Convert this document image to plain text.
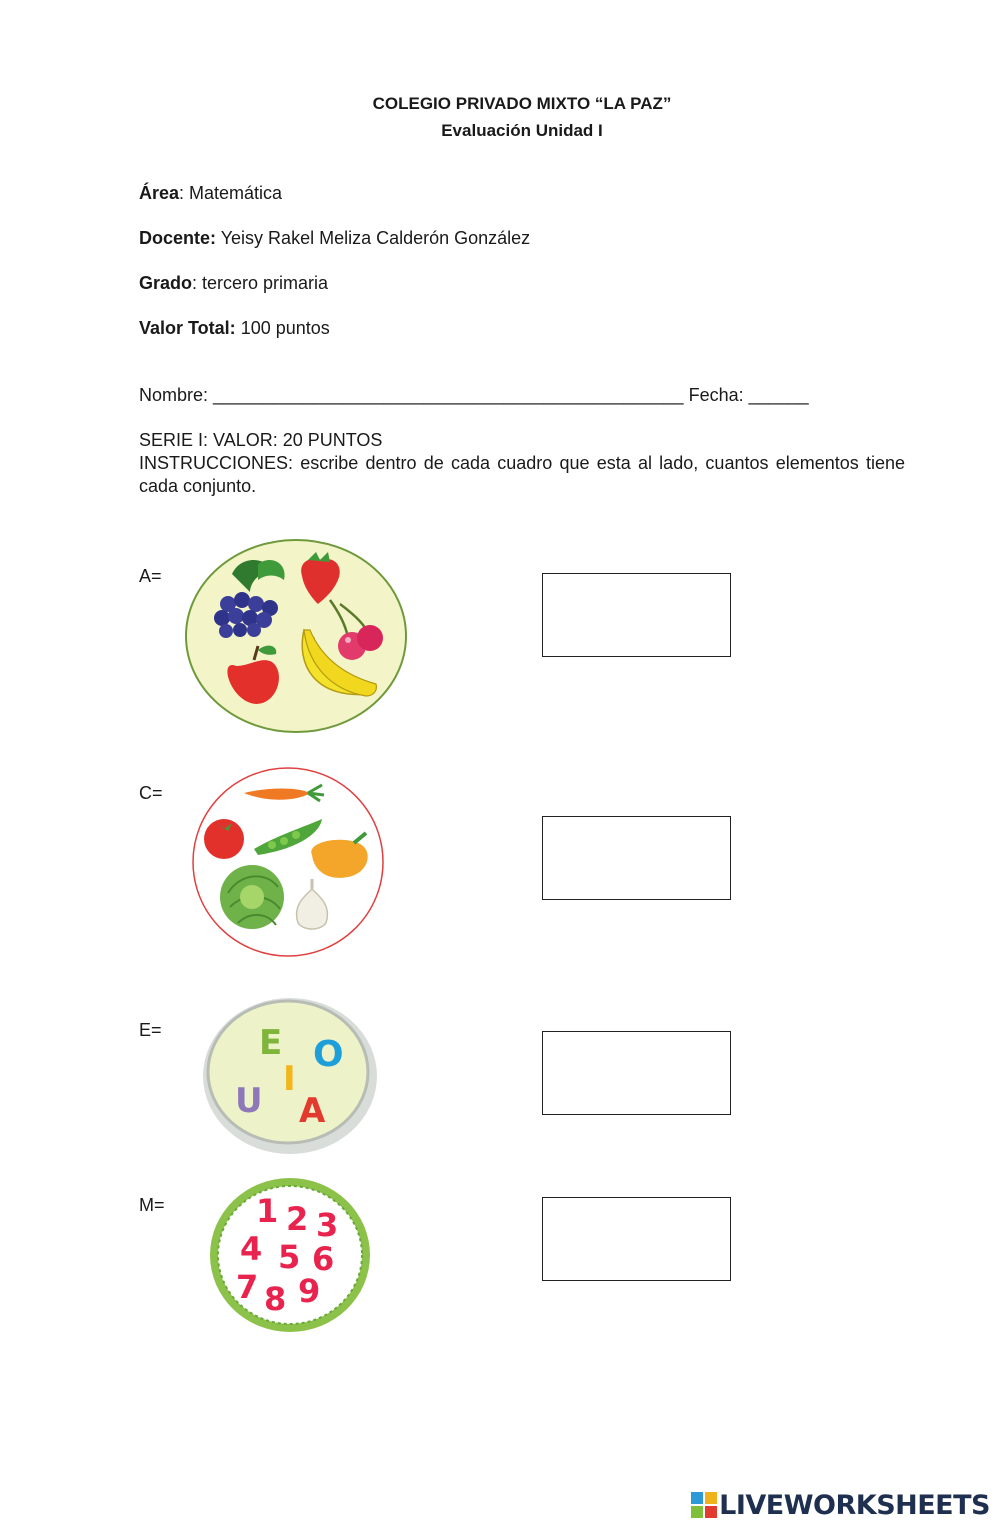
COLEGIO PRIVADO MIXTO “LA PAZ”
Evaluación Unidad I
Área: Matemática
Docente: Yeisy Rakel Meliza Calderón González
Grado: tercero primaria
Valor Total: 100 puntos
Nombre: _______________________________________________ Fecha: ______
SERIE I: VALOR: 20 PUNTOS
INSTRUCCIONES: escribe dentro de cada cuadro que esta al lado, cuantos elementos tiene cada conjunto.
A=
C=
E=	E O
I
U A
M=	1 2 3
4 5 6
7 8 9
LIVEWORKSHEETS
